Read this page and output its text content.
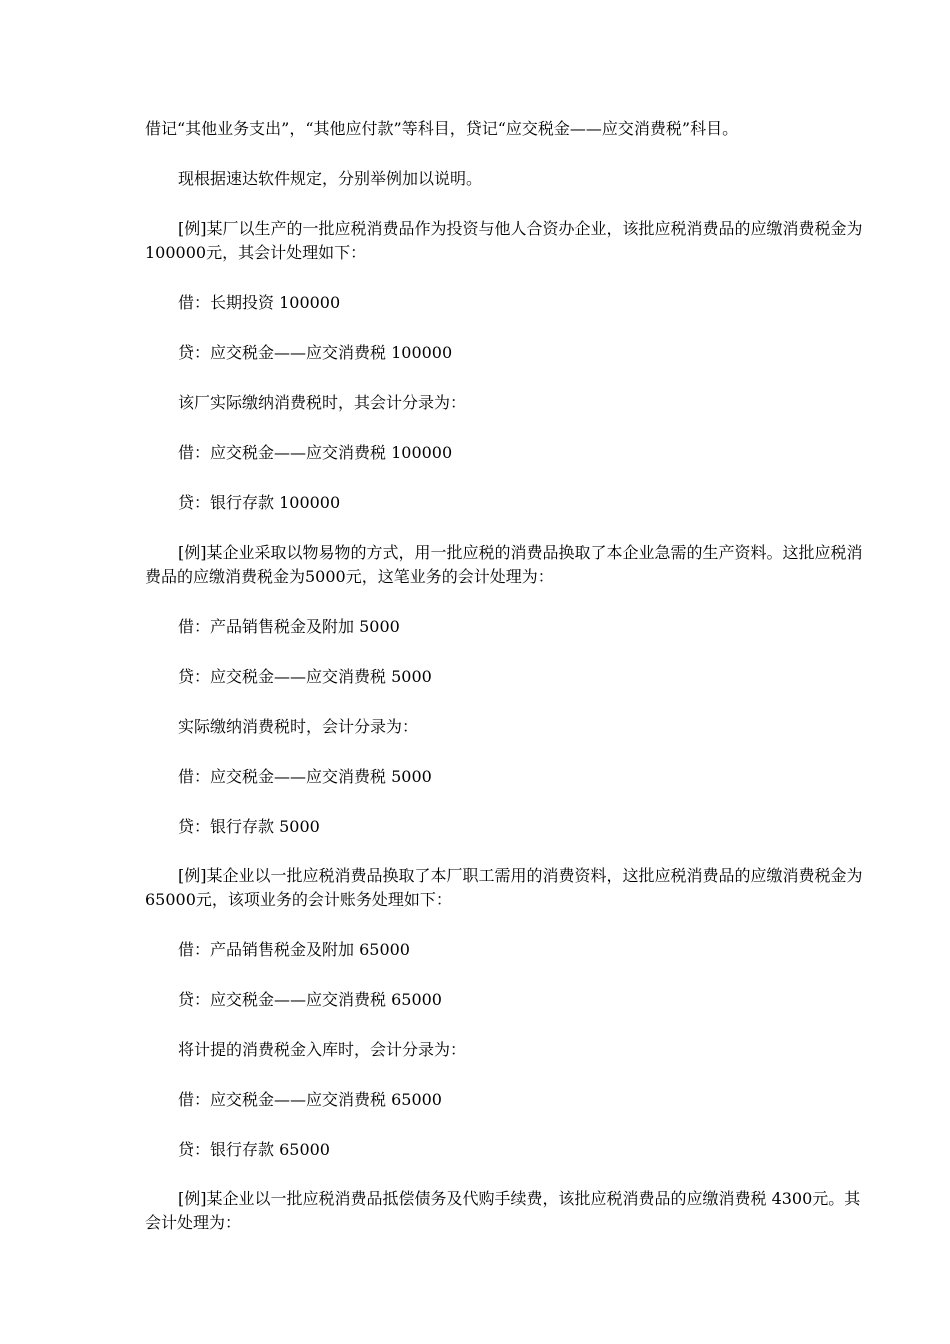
借记“其他业务支出”，“其他应付款”等科目，贷记“应交税金——应交消费税”科目。

现根据速达软件规定，分别举例加以说明。

[例]某厂以生产的一批应税消费品作为投资与他人合资办企业，该批应税消费品的应缴消费税金为100000元，其会计处理如下：

借：长期投资 100000

贷：应交税金——应交消费税 100000

该厂实际缴纳消费税时，其会计分录为：

借：应交税金——应交消费税 100000

贷：银行存款 100000

[例]某企业采取以物易物的方式，用一批应税的消费品换取了本企业急需的生产资料。这批应税消费品的应缴消费税金为5000元，这笔业务的会计处理为：

借：产品销售税金及附加 5000

贷：应交税金——应交消费税 5000

实际缴纳消费税时，会计分录为：

借：应交税金——应交消费税 5000

贷：银行存款 5000

[例]某企业以一批应税消费品换取了本厂职工需用的消费资料，这批应税消费品的应缴消费税金为65000元，该项业务的会计账务处理如下：

借：产品销售税金及附加 65000

贷：应交税金——应交消费税 65000

将计提的消费税金入库时，会计分录为：

借：应交税金——应交消费税 65000

贷：银行存款 65000

[例]某企业以一批应税消费品抵偿债务及代购手续费，该批应税消费品的应缴消费税 4300元。其会计处理为：
